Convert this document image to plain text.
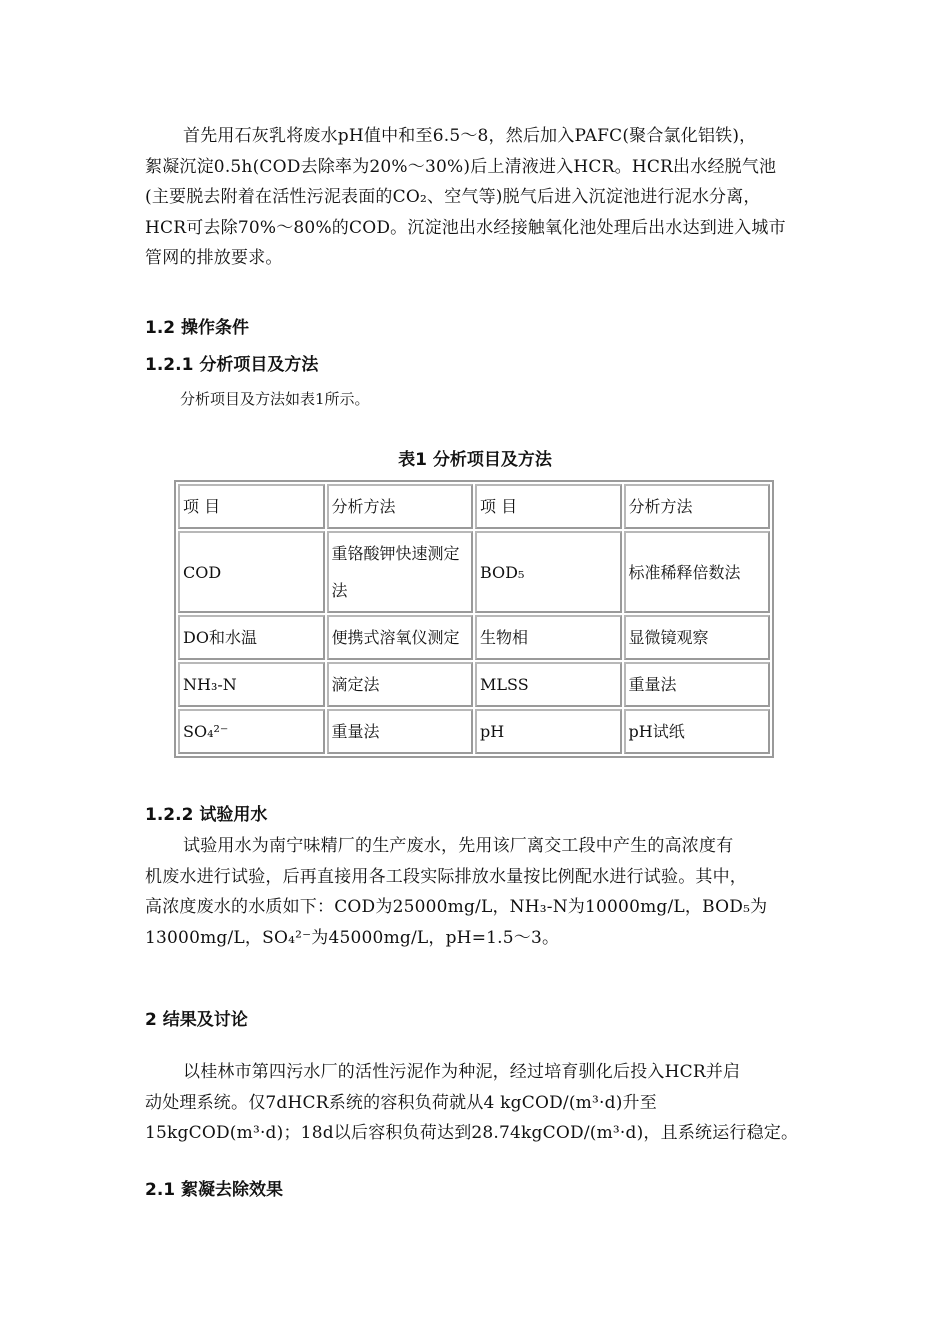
首先用石灰乳将废水pH值中和至6.5～8，然后加入PAFC(聚合氯化铝铁)，
絮凝沉淀0.5h(COD去除率为20%～30%)后上清液进入HCR。HCR出水经脱气池
(主要脱去附着在活性污泥表面的CO₂、空气等)脱气后进入沉淀池进行泥水分离，
HCR可去除70%～80%的COD。沉淀池出水经接触氧化池处理后出水达到进入城市
管网的排放要求。

1.2 操作条件
1.2.1 分析项目及方法

分析项目及方法如表1所示。

表1 分析项目及方法

项 目	分析方法	项 目	分析方法
COD	重铬酸钾快速测定法	BOD₅	标准稀释倍数法
DO和水温	便携式溶氧仪测定	生物相	显微镜观察
NH₃-N	滴定法	MLSS	重量法
SO₄²⁻	重量法	pH	pH试纸
1.2.2 试验用水

试验用水为南宁味精厂的生产废水，先用该厂离交工段中产生的高浓度有
机废水进行试验，后再直接用各工段实际排放水量按比例配水进行试验。其中，
高浓度废水的水质如下：COD为25000mg/L，NH₃-N为10000mg/L，BOD₅为
13000mg/L，SO₄²⁻为45000mg/L，pH=1.5～3。

2 结果及讨论

以桂林市第四污水厂的活性污泥作为种泥，经过培育驯化后投入HCR并启
动处理系统。仅7dHCR系统的容积负荷就从4 kgCOD/(m³·d)升至
15kgCOD(m³·d)；18d以后容积负荷达到28.74kgCOD/(m³·d)，且系统运行稳定。

2.1 絮凝去除效果
